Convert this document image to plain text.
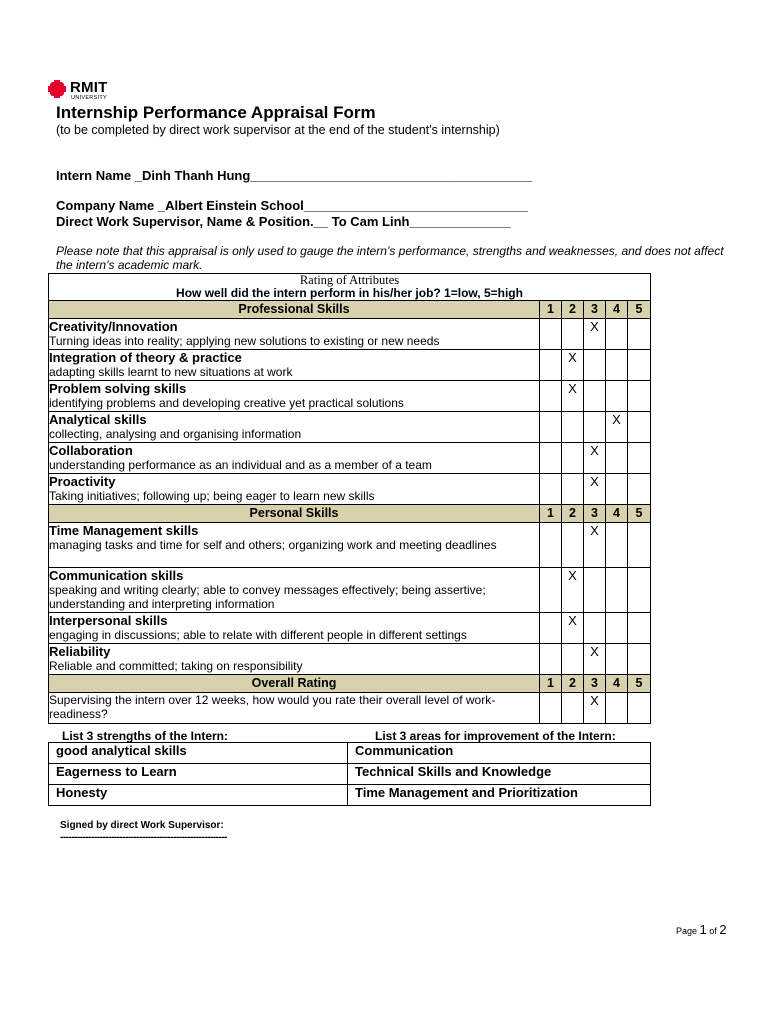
RMIT
UNIVERSITY
Internship Performance Appraisal Form
(to be completed by direct work supervisor at the end of the student’s internship)
Intern Name _Dinh Thanh Hung_______________________________________
Company Name _Albert Einstein School_______________________________
Direct Work Supervisor, Name & Position.__ To Cam Linh______________
Please note that this appraisal is only used to gauge the intern’s performance, strengths and weaknesses, and does not affect the intern’s academic mark.
Rating of Attributes
How well did the intern perform in his/her job? 1=low, 5=high					

Professional Skills	1	2	3	4	5

Creativity/Innovation
Turning ideas into reality; applying new solutions to existing or new needs			X		

Integration of theory & practice
adapting skills learnt to new situations at work		X			

Problem solving skills
identifying problems and developing creative yet practical solutions		X			

Analytical skills
collecting, analysing and organising information				X	

Collaboration
understanding performance as an individual and as a member of a team			X		

Proactivity
Taking initiatives; following up; being eager to learn new skills			X		
Personal Skills	1	2	3	4	5

Time Management skills
managing tasks and time for self and others; organizing work and meeting deadlines			X		

Communication skills
speaking and writing clearly; able to convey messages effectively; being assertive; understanding and interpreting information		X			

Interpersonal skills
engaging in discussions; able to relate with different people in different settings		X			

Reliability
Reliable and committed; taking on responsibility			X		
Overall Rating	1	2	3	4	5

Supervising the intern over 12 weeks, how would you rate their overall level of work-readiness?			X		
List 3 strengths of the Intern:	List 3 areas for improvement of the Intern:
good analytical skills	Communication
Eagerness to Learn	Technical Skills and Knowledge
Honesty	Time Management and Prioritization
Signed by direct Work Supervisor:
-----------------------------------------------------------
Page 1 of 2
